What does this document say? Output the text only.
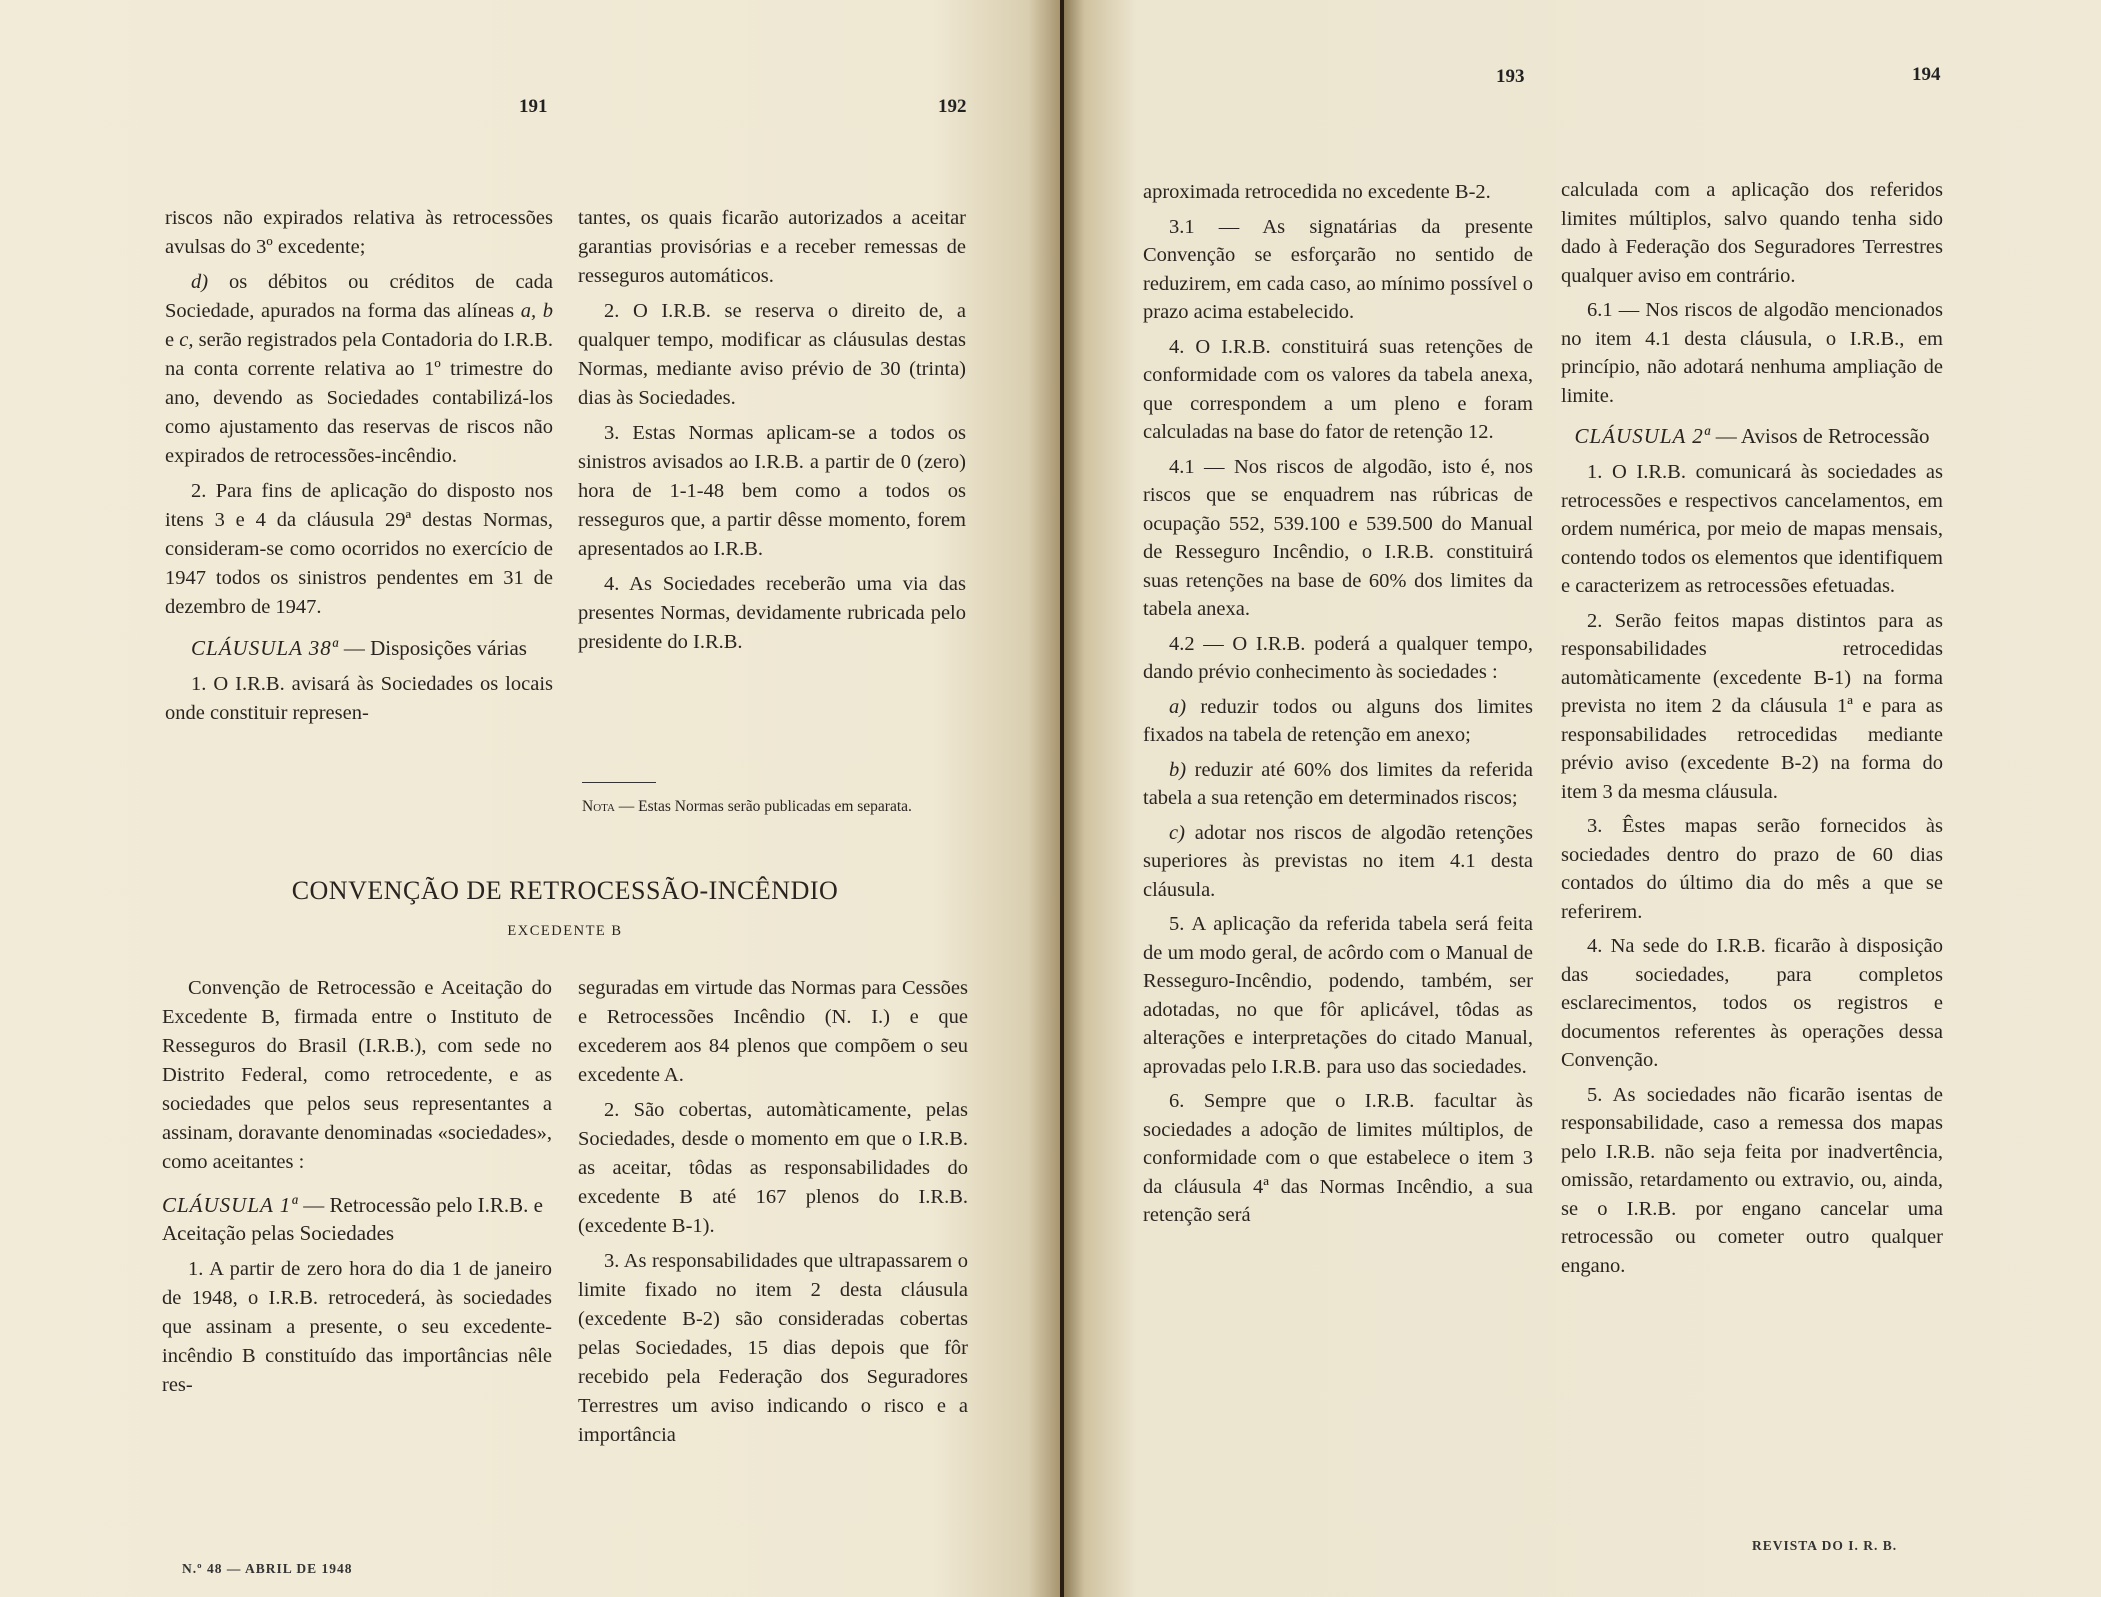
191	192

riscos não expirados relativa às retrocessões avulsas do 3º excedente;

d) os débitos ou créditos de cada Sociedade, apurados na forma das alíneas a, b e c, serão registrados pela Contadoria do I.R.B. na conta corrente relativa ao 1º trimestre do ano, devendo as Sociedades contabilizá-los como ajustamento das reservas de riscos não expirados de retrocessões-incêndio.

2. Para fins de aplicação do disposto nos itens 3 e 4 da cláusula 29ª destas Normas, consideram-se como ocorridos no exercício de 1947 todos os sinistros pendentes em 31 de dezembro de 1947.

CLÁUSULA 38ª — Disposições várias

1. O I.R.B. avisará às Sociedades os locais onde constituir represen-

tantes, os quais ficarão autorizados a aceitar garantias provisórias e a receber remessas de resseguros automáticos.

2. O I.R.B. se reserva o direito de, a qualquer tempo, modificar as cláusulas destas Normas, mediante aviso prévio de 30 (trinta) dias às Sociedades.

3. Estas Normas aplicam-se a todos os sinistros avisados ao I.R.B. a partir de 0 (zero) hora de 1-1-48 bem como a todos os resseguros que, a partir dêsse momento, forem apresentados ao I.R.B.

4. As Sociedades receberão uma via das presentes Normas, devidamente rubricada pelo presidente do I.R.B.

Nota — Estas Normas serão publicadas em separata.
CONVENÇÃO DE RETROCESSÃO-INCÊNDIO
EXCEDENTE B

Convenção de Retrocessão e Aceitação do Excedente B, firmada entre o Instituto de Resseguros do Brasil (I.R.B.), com sede no Distrito Federal, como retrocedente, e as sociedades que pelos seus representantes a assinam, doravante denominadas «sociedades», como aceitantes :

CLÁUSULA 1ª — Retrocessão pelo I.R.B. e Aceitação pelas Sociedades

1. A partir de zero hora do dia 1 de janeiro de 1948, o I.R.B. retrocederá, às sociedades que assinam a presente, o seu excedente-incêndio B constituído das importâncias nêle res-

seguradas em virtude das Normas para Cessões e Retrocessões Incêndio (N. I.) e que excederem aos 84 plenos que compõem o seu excedente A.

2. São cobertas, automàticamente, pelas Sociedades, desde o momento em que o I.R.B. as aceitar, tôdas as responsabilidades do excedente B até 167 plenos do I.R.B. (excedente B-1).

3. As responsabilidades que ultrapassarem o limite fixado no item 2 desta cláusula (excedente B-2) são consideradas cobertas pelas Sociedades, 15 dias depois que fôr recebido pela Federação dos Seguradores Terrestres um aviso indicando o risco e a importância

N.º 48 — ABRIL DE 1948
193	194

aproximada retrocedida no excedente B-2.

3.1 — As signatárias da presente Convenção se esforçarão no sentido de reduzirem, em cada caso, ao mínimo possível o prazo acima estabelecido.

4. O I.R.B. constituirá suas retenções de conformidade com os valores da tabela anexa, que correspondem a um pleno e foram calculadas na base do fator de retenção 12.

4.1 — Nos riscos de algodão, isto é, nos riscos que se enquadrem nas rúbricas de ocupação 552, 539.100 e 539.500 do Manual de Resseguro Incêndio, o I.R.B. constituirá suas retenções na base de 60% dos limites da tabela anexa.

4.2 — O I.R.B. poderá a qualquer tempo, dando prévio conhecimento às sociedades :

a) reduzir todos ou alguns dos limites fixados na tabela de retenção em anexo;

b) reduzir até 60% dos limites da referida tabela a sua retenção em determinados riscos;

c) adotar nos riscos de algodão retenções superiores às previstas no item 4.1 desta cláusula.

5. A aplicação da referida tabela será feita de um modo geral, de acôrdo com o Manual de Resseguro-Incêndio, podendo, também, ser adotadas, no que fôr aplicável, tôdas as alterações e interpretações do citado Manual, aprovadas pelo I.R.B. para uso das sociedades.

6. Sempre que o I.R.B. facultar às sociedades a adoção de limites múltiplos, de conformidade com o que estabelece o item 3 da cláusula 4ª das Normas Incêndio, a sua retenção será

calculada com a aplicação dos referidos limites múltiplos, salvo quando tenha sido dado à Federação dos Seguradores Terrestres qualquer aviso em contrário.

6.1 — Nos riscos de algodão mencionados no item 4.1 desta cláusula, o I.R.B., em princípio, não adotará nenhuma ampliação de limite.

CLÁUSULA 2ª — Avisos de Retrocessão

1. O I.R.B. comunicará às sociedades as retrocessões e respectivos cancelamentos, em ordem numérica, por meio de mapas mensais, contendo todos os elementos que identifiquem e caracterizem as retrocessões efetuadas.

2. Serão feitos mapas distintos para as responsabilidades retrocedidas automàticamente (excedente B-1) na forma prevista no item 2 da cláusula 1ª e para as responsabilidades retrocedidas mediante prévio aviso (excedente B-2) na forma do item 3 da mesma cláusula.

3. Êstes mapas serão fornecidos às sociedades dentro do prazo de 60 dias contados do último dia do mês a que se referirem.

4. Na sede do I.R.B. ficarão à disposição das sociedades, para completos esclarecimentos, todos os registros e documentos referentes às operações dessa Convenção.

5. As sociedades não ficarão isentas de responsabilidade, caso a remessa dos mapas pelo I.R.B. não seja feita por inadvertência, omissão, retardamento ou extravio, ou, ainda, se o I.R.B. por engano cancelar uma retrocessão ou cometer outro qualquer engano.

REVISTA DO I. R. B.
